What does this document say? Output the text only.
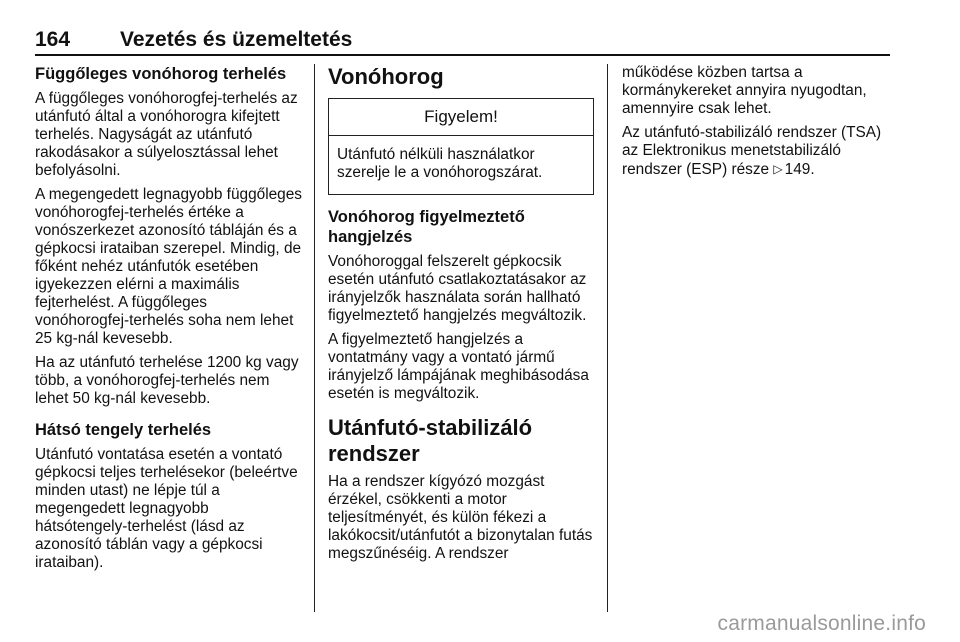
164	Vezetés és üzemeltetés
Függőleges vonóhorog terhelés

A függőleges vonóhorogfej-terhelés az utánfutó által a vonóhorogra kifejtett terhelés. Nagyságát az utánfutó rakodásakor a súlyelosztással lehet befolyásolni.

A megengedett legnagyobb függőleges vonóhorogfej-terhelés értéke a vonószerkezet azonosító tábláján és a gépkocsi irataiban szerepel. Mindig, de főként nehéz utánfutók esetében igyekezzen elérni a maximális fejterhelést. A függőleges vonóhorogfej-terhelés soha nem lehet 25 kg-nál kevesebb.

Ha az utánfutó terhelése 1200 kg vagy több, a vonóhorogfej-terhelés nem lehet 50 kg-nál kevesebb.

Hátsó tengely terhelés

Utánfutó vontatása esetén a vontató gépkocsi teljes terhelésekor (beleértve minden utast) ne lépje túl a megengedett legnagyobb hátsótengely-terhelést (lásd az azonosító táblán vagy a gépkocsi irataiban).

Vonóhorog
Figyelem!
Utánfutó nélküli használatkor szerelje le a vonóhorogszárat.
Vonóhorog figyelmeztető hangjelzés

Vonóhoroggal felszerelt gépkocsik esetén utánfutó csatlakoztatásakor az irányjelzők használata során hallható figyelmeztető hangjelzés megváltozik.

A figyelmeztető hangjelzés a vontatmány vagy a vontató jármű irányjelző lámpájának meghibásodása esetén is megváltozik.

Utánfutó-stabilizáló rendszer

Ha a rendszer kígyózó mozgást érzékel, csökkenti a motor teljesítményét, és külön fékezi a lakókocsit/utánfutót a bizonytalan futás megszűnéséig. A rendszer

működése közben tartsa a kormánykereket annyira nyugodtan, amennyire csak lehet.

Az utánfutó-stabilizáló rendszer (TSA) az Elektronikus menetstabilizáló rendszer (ESP) része ▷ 149.

carmanualsonline.info
